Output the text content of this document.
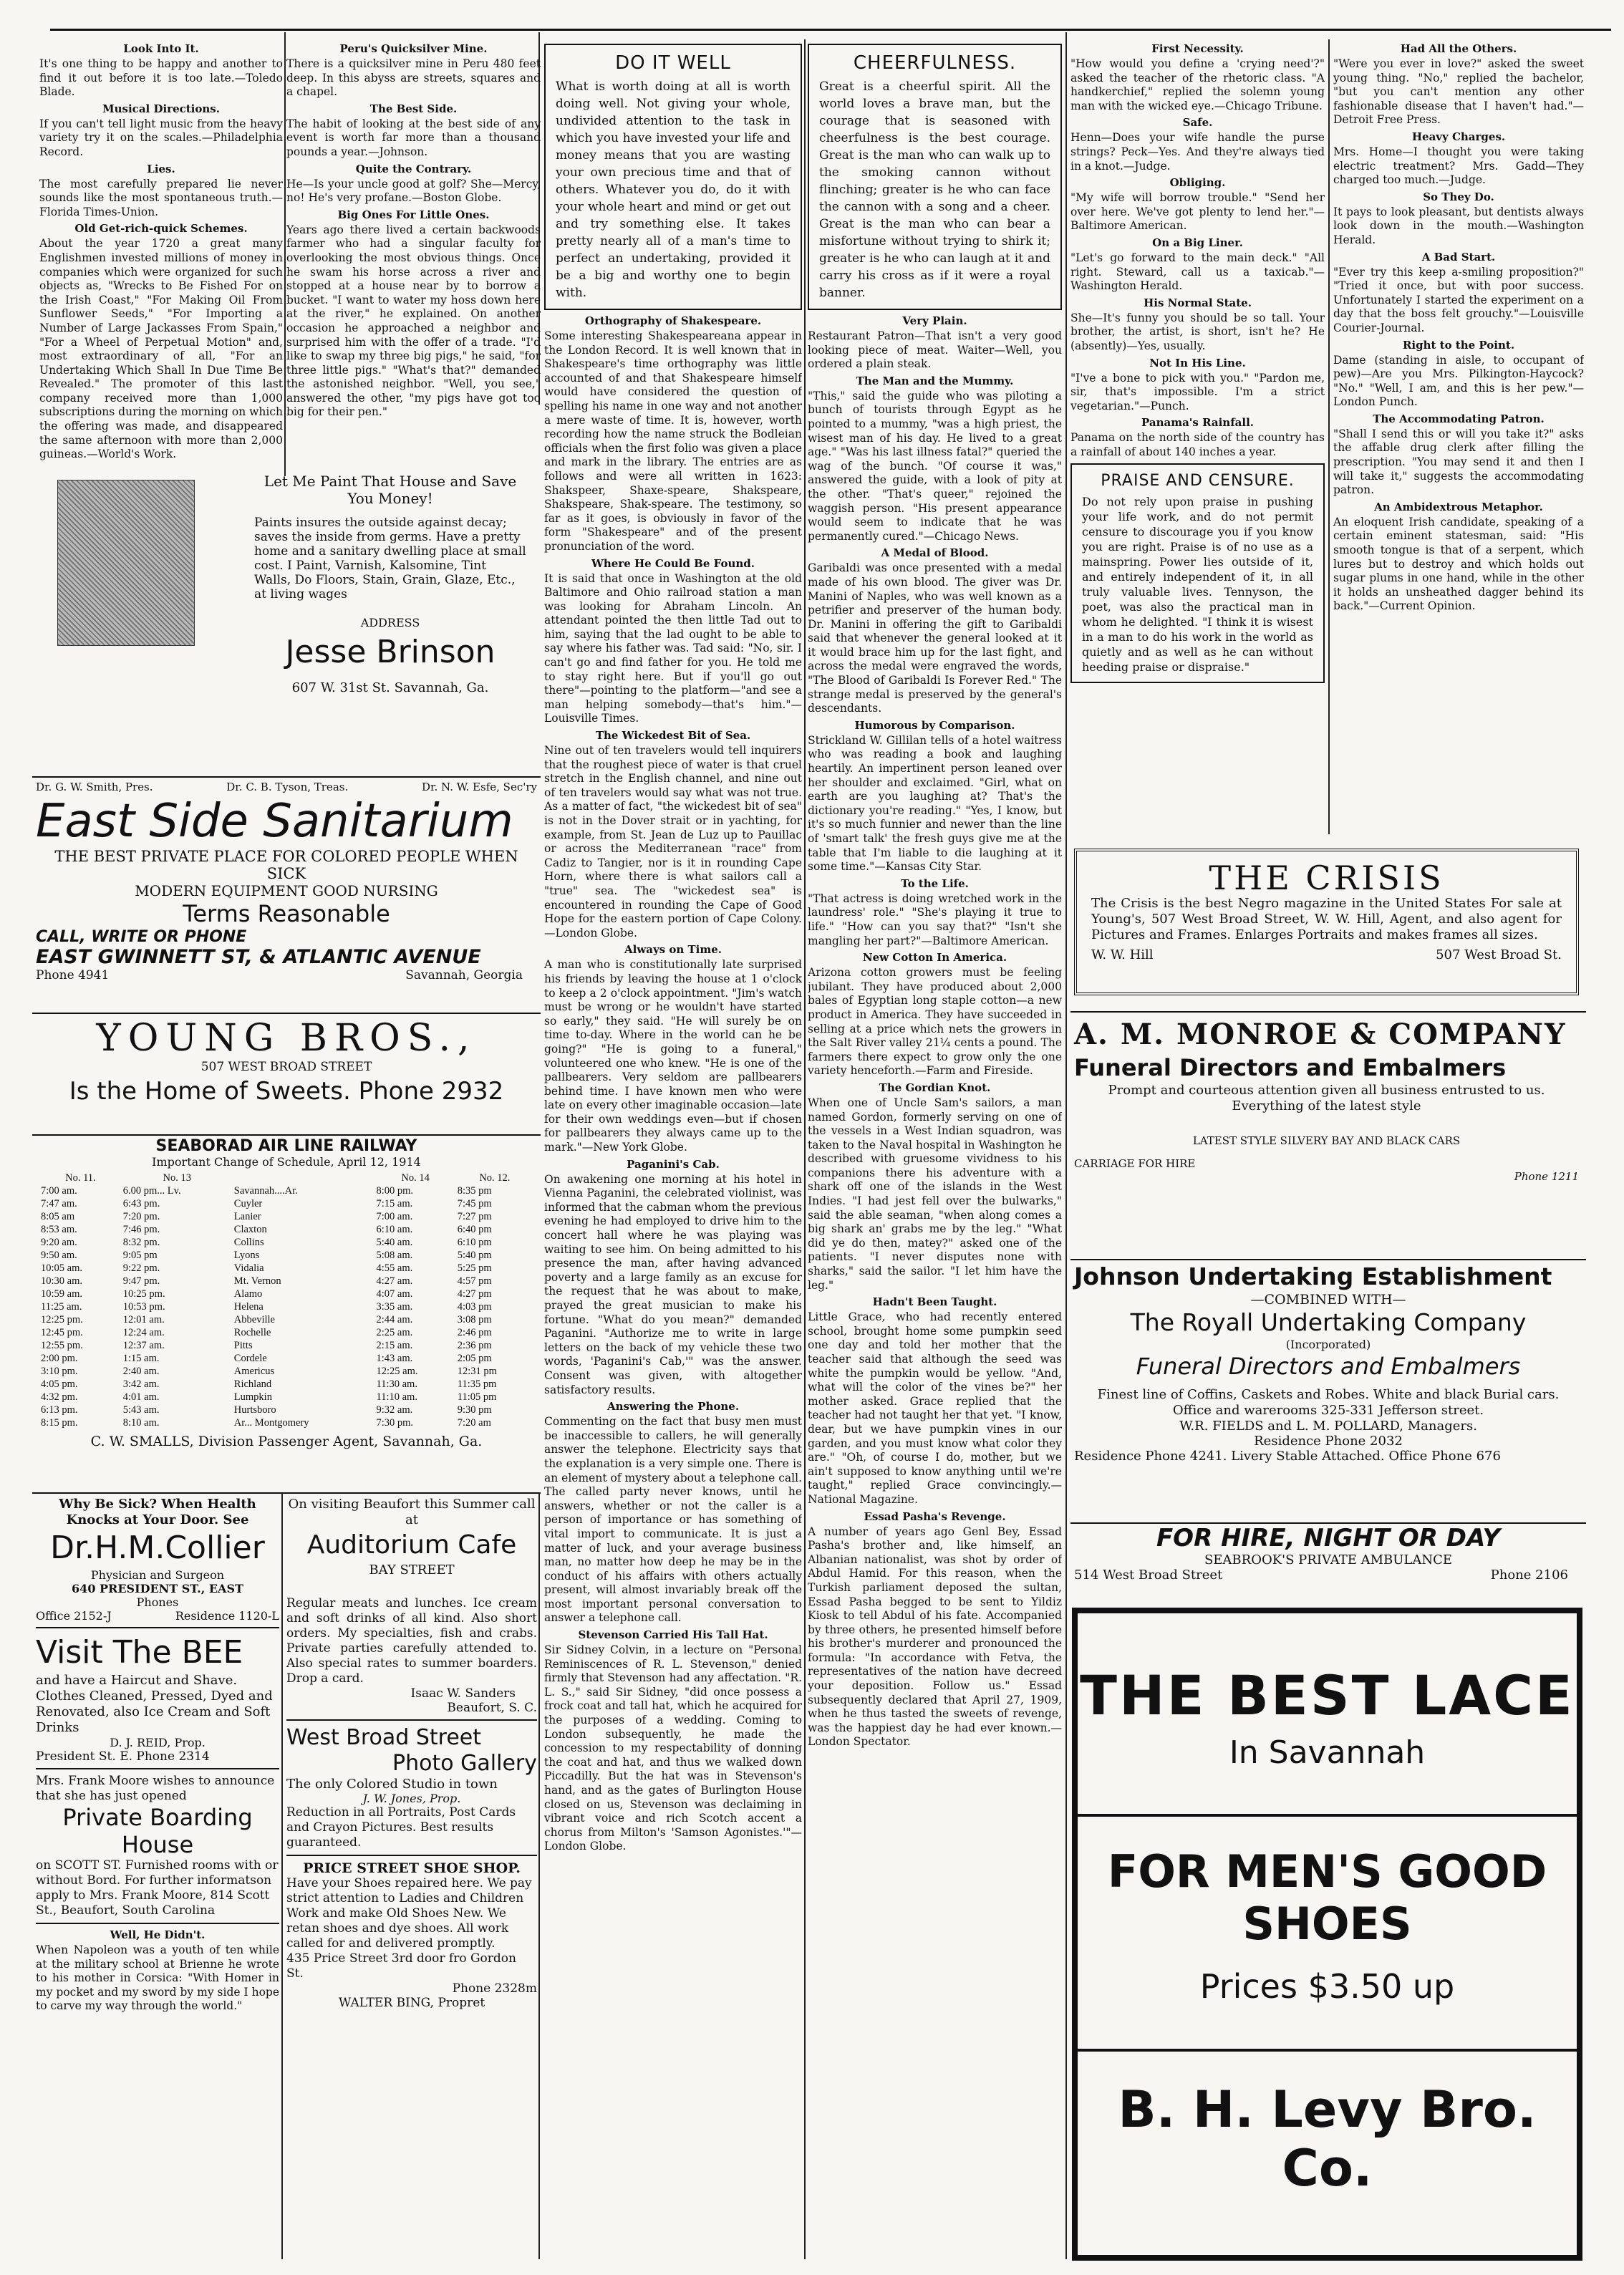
Look Into It.
It's one thing to be happy and another to find it out before it is too late.—Toledo Blade.
Musical Directions.
If you can't tell light music from the heavy variety try it on the scales.—Philadelphia Record.
Lies.
The most carefully prepared lie never sounds like the most spontaneous truth.—Florida Times-Union.
Old Get-rich-quick Schemes.
About the year 1720 a great many Englishmen invested millions of money in companies which were organized for such objects as, "Wrecks to Be Fished For on the Irish Coast," "For Making Oil From Sunflower Seeds," "For Importing a Number of Large Jackasses From Spain," "For a Wheel of Perpetual Motion" and, most extraordinary of all, "For an Undertaking Which Shall In Due Time Be Revealed." The promoter of this last company received more than 1,000 subscriptions during the morning on which the offering was made, and disappeared the same afternoon with more than 2,000 guineas.—World's Work.
Peru's Quicksilver Mine.
There is a quicksilver mine in Peru 480 feet deep. In this abyss are streets, squares and a chapel.
The Best Side.
The habit of looking at the best side of any event is worth far more than a thousand pounds a year.—Johnson.
Quite the Contrary.
He—Is your uncle good at golf? She—Mercy, no! He's very profane.—Boston Globe.
Big Ones For Little Ones.
Years ago there lived a certain backwoods farmer who had a singular faculty for overlooking the most obvious things. Once he swam his horse across a river and stopped at a house near by to borrow a bucket. "I want to water my hoss down here at the river," he explained. On another occasion he approached a neighbor and surprised him with the offer of a trade. "I'd like to swap my three big pigs," he said, "for three little pigs." "What's that?" demanded the astonished neighbor. "Well, you see," answered the other, "my pigs have got too big for their pen."
Let Me Paint That House and Save You Money!
Paints insures the outside against decay; saves the inside from germs. Have a pretty home and a sanitary dwelling place at small cost. I Paint, Varnish, Kalsomine, Tint Walls, Do Floors, Stain, Grain, Glaze, Etc., at living wages
ADDRESS
Jesse Brinson
607 W. 31st St. Savannah, Ga.
Dr. G. W. Smith, Pres.	Dr. C. B. Tyson, Treas.	Dr. N. W. Esfe, Sec'ry
East Side Sanitarium
THE BEST PRIVATE PLACE FOR COLORED PEOPLE WHEN SICK
MODERN EQUIPMENT GOOD NURSING
Terms Reasonable
CALL, WRITE OR PHONE
EAST GWINNETT ST, & ATLANTIC AVENUE
Phone 4941	Savannah, Georgia
YOUNG BROS.,
507 WEST BROAD STREET
Is the Home of Sweets. Phone 2932
SEABORAD AIR LINE RAILWAY
Important Change of Schedule, April 12, 1914
No. 11.	No. 13		No. 14	No. 12.
7:00 am.	6.00 pm... Lv.	Savannah....Ar.	8:00 pm.	8:35 pm
7:47 am.	6:43 pm.	Cuyler	7:15 am.	7:45 pm
8:05 am	7:20 pm.	Lanier	7:00 am.	7:27 pm
8:53 am.	7:46 pm.	Claxton	6:10 am.	6:40 pm
9:20 am.	8:32 pm.	Collins	5:40 am.	6:10 pm
9:50 am.	9:05 pm	Lyons	5:08 am.	5:40 pm
10:05 am.	9:22 pm.	Vidalia	4:55 am.	5:25 pm
10:30 am.	9:47 pm.	Mt. Vernon	4:27 am.	4:57 pm
10:59 am.	10:25 pm.	Alamo	4:07 am.	4:27 pm
11:25 am.	10:53 pm.	Helena	3:35 am.	4:03 pm
12:25 pm.	12:01 am.	Abbeville	2:44 am.	3:08 pm
12:45 pm.	12:24 am.	Rochelle	2:25 am.	2:46 pm
12:55 pm.	12:37 am.	Pitts	2:15 am.	2:36 pm
2:00 pm.	1:15 am.	Cordele	1:43 am.	2:05 pm
3:10 pm.	2:40 am.	Americus	12:25 am.	12:31 pm
4:05 pm.	3:42 am.	Richland	11:30 am.	11:35 pm
4:32 pm.	4:01 am.	Lumpkin	11:10 am.	11:05 pm
6:13 pm.	5:43 am.	Hurtsboro	9:32 am.	9:30 pm
8:15 pm.	8:10 am.	Ar... Montgomery	7:30 pm.	7:20 am
C. W. SMALLS, Division Passenger Agent, Savannah, Ga.
Why Be Sick? When Health Knocks at Your Door. See
Dr.H.M.Collier
Physician and Surgeon
640 PRESIDENT ST., EAST
Phones
Office 2152-J	Residence 1120-L
Visit The BEE
and have a Haircut and Shave. Clothes Cleaned, Pressed, Dyed and Renovated, also Ice Cream and Soft Drinks
D. J. REID, Prop.
President St. E. Phone 2314
Mrs. Frank Moore wishes to announce that she has just opened
Private Boarding House
on SCOTT ST. Furnished rooms with or without Bord. For further informatson apply to Mrs. Frank Moore, 814 Scott St., Beaufort, South Carolina
Well, He Didn't.
When Napoleon was a youth of ten while at the military school at Brienne he wrote to his mother in Corsica: "With Homer in my pocket and my sword by my side I hope to carve my way through the world."
On visiting Beaufort this Summer call at
Auditorium Cafe
BAY STREET
Regular meats and lunches. Ice cream and soft drinks of all kind. Also short orders. My specialties, fish and crabs. Private parties carefully attended to. Also special rates to summer boarders. Drop a card.
Isaac W. Sanders
Beaufort, S. C.
West Broad Street
Photo Gallery
The only Colored Studio in town
J. W. Jones, Prop.
Reduction in all Portraits, Post Cards and Crayon Pictures. Best results guaranteed.
PRICE STREET SHOE SHOP.
Have your Shoes repaired here. We pay strict attention to Ladies and Children Work and make Old Shoes New. We retan shoes and dye shoes. All work called for and delivered promptly.
435 Price Street 3rd door fro Gordon St.
Phone 2328m
WALTER BING, Propret
DO IT WELL
What is worth doing at all is worth doing well. Not giving your whole, undivided attention to the task in which you have invested your life and money means that you are wasting your own precious time and that of others. Whatever you do, do it with your whole heart and mind or get out and try something else. It takes pretty nearly all of a man's time to perfect an undertaking, provided it be a big and worthy one to begin with.
Orthography of Shakespeare.
Some interesting Shakespeareana appear in the London Record. It is well known that in Shakespeare's time orthography was little accounted of and that Shakespeare himself would have considered the question of spelling his name in one way and not another a mere waste of time. It is, however, worth recording how the name struck the Bodleian officials when the first folio was given a place and mark in the library. The entries are as follows and were all written in 1623: Shakspeer, Shaxe-speare, Shakspeare, Shakspeare, Shak-speare. The testimony, so far as it goes, is obviously in favor of the form "Shakespeare" and of the present pronunciation of the word.
Where He Could Be Found.
It is said that once in Washington at the old Baltimore and Ohio railroad station a man was looking for Abraham Lincoln. An attendant pointed the then little Tad out to him, saying that the lad ought to be able to say where his father was. Tad said: "No, sir. I can't go and find father for you. He told me to stay right here. But if you'll go out there"—pointing to the platform—"and see a man helping somebody—that's him."—Louisville Times.
The Wickedest Bit of Sea.
Nine out of ten travelers would tell inquirers that the roughest piece of water is that cruel stretch in the English channel, and nine out of ten travelers would say what was not true. As a matter of fact, "the wickedest bit of sea" is not in the Dover strait or in yachting, for example, from St. Jean de Luz up to Pauillac or across the Mediterranean "race" from Cadiz to Tangier, nor is it in rounding Cape Horn, where there is what sailors call a "true" sea. The "wickedest sea" is encountered in rounding the Cape of Good Hope for the eastern portion of Cape Colony.—London Globe.
Always on Time.
A man who is constitutionally late surprised his friends by leaving the house at 1 o'clock to keep a 2 o'clock appointment. "Jim's watch must be wrong or he wouldn't have started so early," they said. "He will surely be on time to-day. Where in the world can he be going?" "He is going to a funeral," volunteered one who knew. "He is one of the pallbearers. Very seldom are pallbearers behind time. I have known men who were late on every other imaginable occasion—late for their own weddings even—but if chosen for pallbearers they always came up to the mark."—New York Globe.
Paganini's Cab.
On awakening one morning at his hotel in Vienna Paganini, the celebrated violinist, was informed that the cabman whom the previous evening he had employed to drive him to the concert hall where he was playing was waiting to see him. On being admitted to his presence the man, after having advanced poverty and a large family as an excuse for the request that he was about to make, prayed the great musician to make his fortune. "What do you mean?" demanded Paganini. "Authorize me to write in large letters on the back of my vehicle these two words, 'Paganini's Cab,'" was the answer. Consent was given, with altogether satisfactory results.
Answering the Phone.
Commenting on the fact that busy men must be inaccessible to callers, he will generally answer the telephone. Electricity says that the explanation is a very simple one. There is an element of mystery about a telephone call. The called party never knows, until he answers, whether or not the caller is a person of importance or has something of vital import to communicate. It is just a matter of luck, and your average business man, no matter how deep he may be in the conduct of his affairs with others actually present, will almost invariably break off the most important personal conversation to answer a telephone call.
Stevenson Carried His Tall Hat.
Sir Sidney Colvin, in a lecture on "Personal Reminiscences of R. L. Stevenson," denied firmly that Stevenson had any affectation. "R. L. S.," said Sir Sidney, "did once possess a frock coat and tall hat, which he acquired for the purposes of a wedding. Coming to London subsequently, he made the concession to my respectability of donning the coat and hat, and thus we walked down Piccadilly. But the hat was in Stevenson's hand, and as the gates of Burlington House closed on us, Stevenson was declaiming in vibrant voice and rich Scotch accent a chorus from Milton's 'Samson Agonistes.'"—London Globe.
CHEERFULNESS.
Great is a cheerful spirit. All the world loves a brave man, but the courage that is seasoned with cheerfulness is the best courage. Great is the man who can walk up to the smoking cannon without flinching; greater is he who can face the cannon with a song and a cheer. Great is the man who can bear a misfortune without trying to shirk it; greater is he who can laugh at it and carry his cross as if it were a royal banner.
Very Plain.
Restaurant Patron—That isn't a very good looking piece of meat. Waiter—Well, you ordered a plain steak.
The Man and the Mummy.
"This," said the guide who was piloting a bunch of tourists through Egypt as he pointed to a mummy, "was a high priest, the wisest man of his day. He lived to a great age." "Was his last illness fatal?" queried the wag of the bunch. "Of course it was," answered the guide, with a look of pity at the other. "That's queer," rejoined the waggish person. "His present appearance would seem to indicate that he was permanently cured."—Chicago News.
A Medal of Blood.
Garibaldi was once presented with a medal made of his own blood. The giver was Dr. Manini of Naples, who was well known as a petrifier and preserver of the human body. Dr. Manini in offering the gift to Garibaldi said that whenever the general looked at it it would brace him up for the last fight, and across the medal were engraved the words, "The Blood of Garibaldi Is Forever Red." The strange medal is preserved by the general's descendants.
Humorous by Comparison.
Strickland W. Gillilan tells of a hotel waitress who was reading a book and laughing heartily. An impertinent person leaned over her shoulder and exclaimed. "Girl, what on earth are you laughing at? That's the dictionary you're reading." "Yes, I know, but it's so much funnier and newer than the line of 'smart talk' the fresh guys give me at the table that I'm liable to die laughing at it some time."—Kansas City Star.
To the Life.
"That actress is doing wretched work in the laundress' role." "She's playing it true to life." "How can you say that?" "Isn't she mangling her part?"—Baltimore American.
New Cotton In America.
Arizona cotton growers must be feeling jubilant. They have produced about 2,000 bales of Egyptian long staple cotton—a new product in America. They have succeeded in selling at a price which nets the growers in the Salt River valley 21¼ cents a pound. The farmers there expect to grow only the one variety henceforth.—Farm and Fireside.
The Gordian Knot.
When one of Uncle Sam's sailors, a man named Gordon, formerly serving on one of the vessels in a West Indian squadron, was taken to the Naval hospital in Washington he described with gruesome vividness to his companions there his adventure with a shark off one of the islands in the West Indies. "I had jest fell over the bulwarks," said the able seaman, "when along comes a big shark an' grabs me by the leg." "What did ye do then, matey?" asked one of the patients. "I never disputes none with sharks," said the sailor. "I let him have the leg."
Hadn't Been Taught.
Little Grace, who had recently entered school, brought home some pumpkin seed one day and told her mother that the teacher said that although the seed was white the pumpkin would be yellow. "And, what will the color of the vines be?" her mother asked. Grace replied that the teacher had not taught her that yet. "I know, dear, but we have pumpkin vines in our garden, and you must know what color they are." "Oh, of course I do, mother, but we ain't supposed to know anything until we're taught," replied Grace convincingly.—National Magazine.
Essad Pasha's Revenge.
A number of years ago Genl Bey, Essad Pasha's brother and, like himself, an Albanian nationalist, was shot by order of Abdul Hamid. For this reason, when the Turkish parliament deposed the sultan, Essad Pasha begged to be sent to Yildiz Kiosk to tell Abdul of his fate. Accompanied by three others, he presented himself before his brother's murderer and pronounced the formula: "In accordance with Fetva, the representatives of the nation have decreed your deposition. Follow us." Essad subsequently declared that April 27, 1909, when he thus tasted the sweets of revenge, was the happiest day he had ever known.—London Spectator.
First Necessity.
"How would you define a 'crying need'?" asked the teacher of the rhetoric class. "A handkerchief," replied the solemn young man with the wicked eye.—Chicago Tribune.
Safe.
Henn—Does your wife handle the purse strings? Peck—Yes. And they're always tied in a knot.—Judge.
Obliging.
"My wife will borrow trouble." "Send her over here. We've got plenty to lend her."—Baltimore American.
On a Big Liner.
"Let's go forward to the main deck." "All right. Steward, call us a taxicab."—Washington Herald.
His Normal State.
She—It's funny you should be so tall. Your brother, the artist, is short, isn't he? He (absently)—Yes, usually.
Not In His Line.
"I've a bone to pick with you." "Pardon me, sir, that's impossible. I'm a strict vegetarian."—Punch.
Panama's Rainfall.
Panama on the north side of the country has a rainfall of about 140 inches a year.
PRAISE AND CENSURE.
Do not rely upon praise in pushing your life work, and do not permit censure to discourage you if you know you are right. Praise is of no use as a mainspring. Power lies outside of it, and entirely independent of it, in all truly valuable lives. Tennyson, the poet, was also the practical man in whom he delighted. "I think it is wisest in a man to do his work in the world as quietly and as well as he can without heeding praise or dispraise."
Had All the Others.
"Were you ever in love?" asked the sweet young thing. "No," replied the bachelor, "but you can't mention any other fashionable disease that I haven't had."—Detroit Free Press.
Heavy Charges.
Mrs. Home—I thought you were taking electric treatment? Mrs. Gadd—They charged too much.—Judge.
So They Do.
It pays to look pleasant, but dentists always look down in the mouth.—Washington Herald.
A Bad Start.
"Ever try this keep a-smiling proposition?" "Tried it once, but with poor success. Unfortunately I started the experiment on a day that the boss felt grouchy."—Louisville Courier-Journal.
Right to the Point.
Dame (standing in aisle, to occupant of pew)—Are you Mrs. Pilkington-Haycock? "No." "Well, I am, and this is her pew."—London Punch.
The Accommodating Patron.
"Shall I send this or will you take it?" asks the affable drug clerk after filling the prescription. "You may send it and then I will take it," suggests the accommodating patron.
An Ambidextrous Metaphor.
An eloquent Irish candidate, speaking of a certain eminent statesman, said: "His smooth tongue is that of a serpent, which lures but to destroy and which holds out sugar plums in one hand, while in the other it holds an unsheathed dagger behind its back."—Current Opinion.
THE CRISIS
The Crisis is the best Negro magazine in the United States For sale at Young's, 507 West Broad Street, W. W. Hill, Agent, and also agent for Pictures and Frames. Enlarges Portraits and makes frames all sizes.
W. W. Hill	507 West Broad St.
A. M. MONROE & COMPANY
Funeral Directors and Embalmers
Prompt and courteous attention given all business entrusted to us. Everything of the latest style
LATEST STYLE SILVERY BAY AND BLACK CARS
CARRIAGE FOR HIRE
Phone 1211
Johnson Undertaking Establishment
—COMBINED WITH—
The Royall Undertaking Company
(Incorporated)
Funeral Directors and Embalmers
Finest line of Coffins, Caskets and Robes. White and black Burial cars. Office and warerooms 325-331 Jefferson street.
W.R. FIELDS and L. M. POLLARD, Managers.
Residence Phone 2032
Residence Phone 4241. Livery Stable Attached. Office Phone 676
FOR HIRE, NIGHT OR DAY
SEABROOK'S PRIVATE AMBULANCE
514 West Broad Street	Phone 2106
THE BEST LACE
In Savannah
FOR MEN'S GOOD SHOES
Prices $3.50 up
B. H. Levy Bro. Co.
